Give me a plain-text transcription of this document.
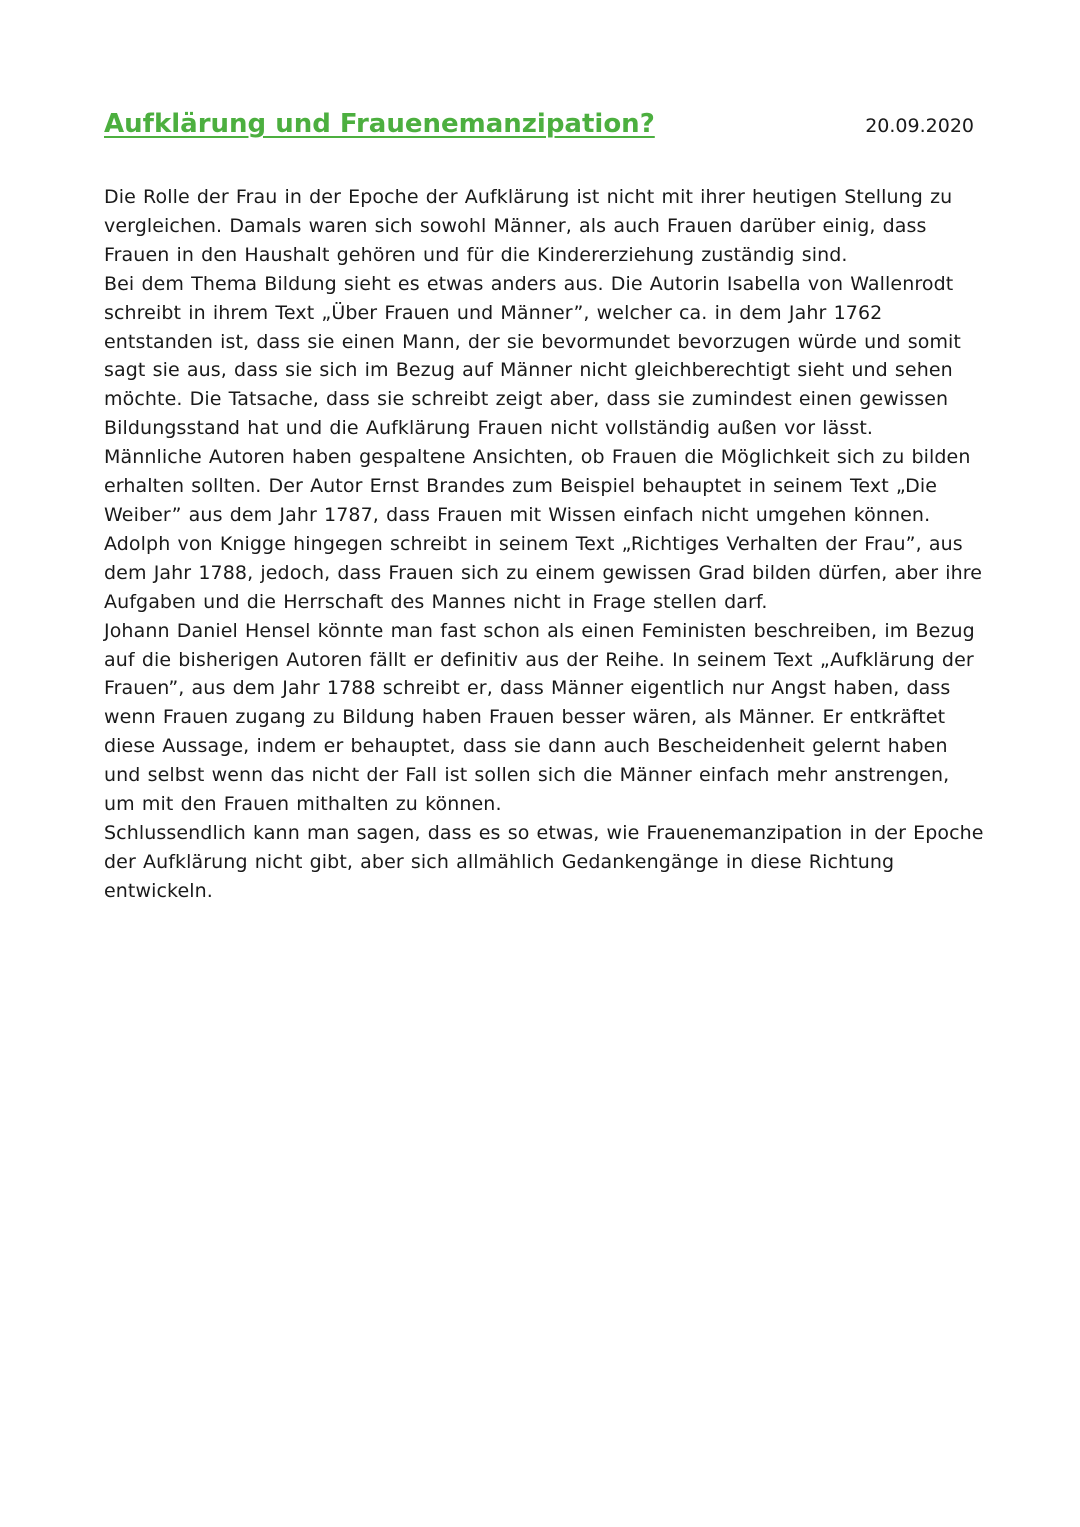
Aufklärung und Frauenemanzipation?	20.09.2020

Die Rolle der Frau in der Epoche der Aufklärung ist nicht mit ihrer heutigen Stellung zu vergleichen. Damals waren sich sowohl Männer, als auch Frauen darüber einig, dass Frauen in den Haushalt gehören und für die Kindererziehung zuständig sind.

Bei dem Thema Bildung sieht es etwas anders aus. Die Autorin Isabella von Wallenrodt schreibt in ihrem Text „Über Frauen und Männer”, welcher ca. in dem Jahr 1762 entstanden ist, dass sie einen Mann, der sie bevormundet bevorzugen würde und somit sagt sie aus, dass sie sich im Bezug auf Männer nicht gleichberechtigt sieht und sehen möchte. Die Tatsache, dass sie schreibt zeigt aber, dass sie zumindest einen gewissen Bildungsstand hat und die Aufklärung Frauen nicht vollständig außen vor lässt.

Männliche Autoren haben gespaltene Ansichten, ob Frauen die Möglichkeit sich zu bilden erhalten sollten. Der Autor Ernst Brandes zum Beispiel behauptet in seinem Text „Die Weiber” aus dem Jahr 1787, dass Frauen mit Wissen einfach nicht umgehen können.

Adolph von Knigge hingegen schreibt in seinem Text „Richtiges Verhalten der Frau”, aus dem Jahr 1788, jedoch, dass Frauen sich zu einem gewissen Grad bilden dürfen, aber ihre Aufgaben und die Herrschaft des Mannes nicht in Frage stellen darf.

Johann Daniel Hensel könnte man fast schon als einen Feministen beschreiben, im Bezug auf die bisherigen Autoren fällt er definitiv aus der Reihe. In seinem Text „Aufklärung der Frauen”, aus dem Jahr 1788 schreibt er, dass Männer eigentlich nur Angst haben, dass wenn Frauen zugang zu Bildung haben Frauen besser wären, als Männer. Er entkräftet diese Aussage, indem er behauptet, dass sie dann auch Bescheidenheit gelernt haben und selbst wenn das nicht der Fall ist sollen sich die Männer einfach mehr anstrengen, um mit den Frauen mithalten zu können.

Schlussendlich kann man sagen, dass es so etwas, wie Frauenemanzipation in der Epoche der Aufklärung nicht gibt, aber sich allmählich Gedankengänge in diese Richtung entwickeln.
